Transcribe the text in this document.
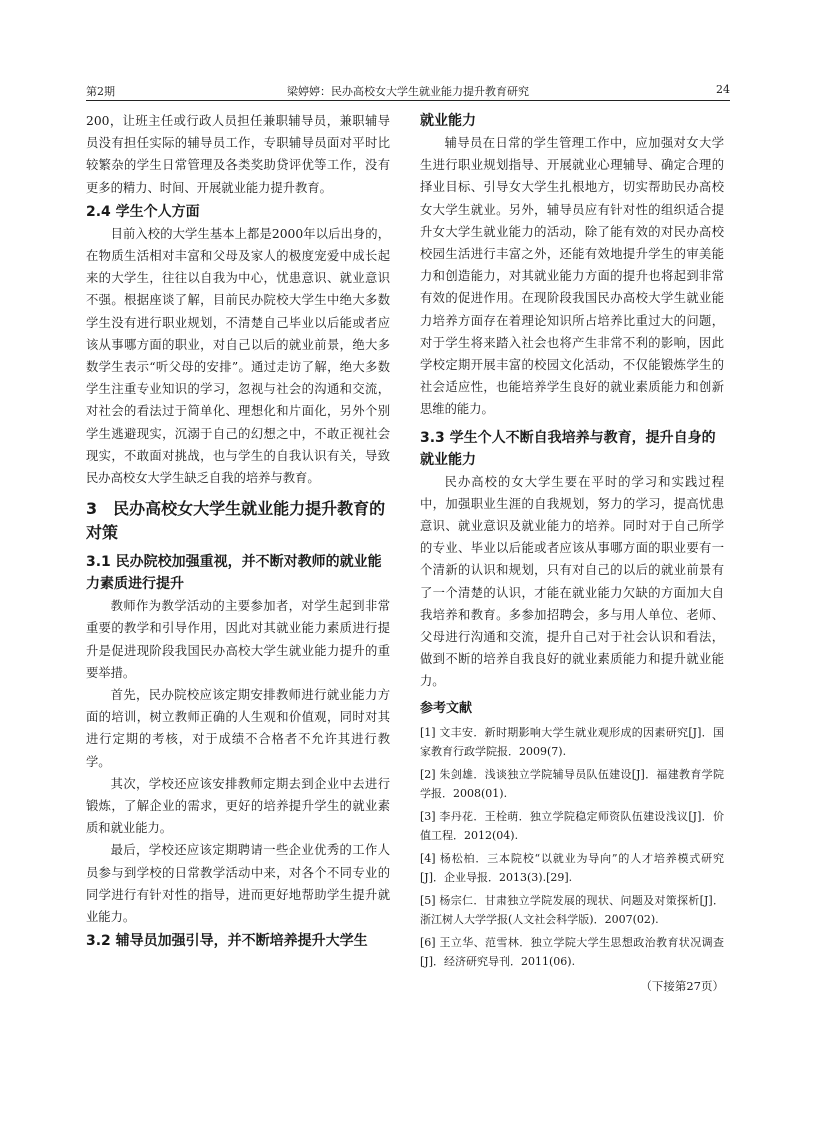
第2期	梁婷婷：民办高校女大学生就业能力提升教育研究	24

200，让班主任或行政人员担任兼职辅导员，兼职辅导员没有担任实际的辅导员工作，专职辅导员面对平时比较繁杂的学生日常管理及各类奖助贷评优等工作，没有更多的精力、时间、开展就业能力提升教育。

2.4 学生个人方面

目前入校的大学生基本上都是2000年以后出身的，在物质生活相对丰富和父母及家人的极度宠爱中成长起来的大学生，往往以自我为中心，忧患意识、就业意识不强。根据座谈了解，目前民办院校大学生中绝大多数学生没有进行职业规划，不清楚自己毕业以后能或者应该从事哪方面的职业，对自己以后的就业前景，绝大多数学生表示“听父母的安排”。通过走访了解，绝大多数学生注重专业知识的学习，忽视与社会的沟通和交流，对社会的看法过于简单化、理想化和片面化，另外个别学生逃避现实，沉溺于自己的幻想之中，不敢正视社会现实，不敢面对挑战，也与学生的自我认识有关，导致民办高校女大学生缺乏自我的培养与教育。

3　民办高校女大学生就业能力提升教育的对策
3.1 民办院校加强重视，并不断对教师的就业能力素质进行提升

教师作为教学活动的主要参加者，对学生起到非常重要的教学和引导作用，因此对其就业能力素质进行提升是促进现阶段我国民办高校大学生就业能力提升的重要举措。

首先，民办院校应该定期安排教师进行就业能力方面的培训，树立教师正确的人生观和价值观，同时对其进行定期的考核，对于成绩不合格者不允许其进行教学。

其次，学校还应该安排教师定期去到企业中去进行锻炼，了解企业的需求，更好的培养提升学生的就业素质和就业能力。

最后，学校还应该定期聘请一些企业优秀的工作人员参与到学校的日常教学活动中来，对各个不同专业的同学进行有针对性的指导，进而更好地帮助学生提升就业能力。

3.2 辅导员加强引导，并不断培养提升大学生
就业能力

辅导员在日常的学生管理工作中，应加强对女大学生进行职业规划指导、开展就业心理辅导、确定合理的择业目标、引导女大学生扎根地方，切实帮助民办高校女大学生就业。另外，辅导员应有针对性的组织适合提升女大学生就业能力的活动，除了能有效的对民办高校校园生活进行丰富之外，还能有效地提升学生的审美能力和创造能力，对其就业能力方面的提升也将起到非常有效的促进作用。在现阶段我国民办高校大学生就业能力培养方面存在着理论知识所占培养比重过大的问题，对于学生将来踏入社会也将产生非常不利的影响，因此学校定期开展丰富的校园文化活动，不仅能锻炼学生的社会适应性，也能培养学生良好的就业素质能力和创新思维的能力。

3.3 学生个人不断自我培养与教育，提升自身的就业能力

民办高校的女大学生要在平时的学习和实践过程中，加强职业生涯的自我规划，努力的学习，提高忧患意识、就业意识及就业能力的培养。同时对于自己所学的专业、毕业以后能或者应该从事哪方面的职业要有一个清新的认识和规划，只有对自己的以后的就业前景有了一个清楚的认识，才能在就业能力欠缺的方面加大自我培养和教育。多参加招聘会，多与用人单位、老师、父母进行沟通和交流，提升自己对于社会认识和看法，做到不断的培养自我良好的就业素质能力和提升就业能力。

参考文献
[1] 文丰安．新时期影响大学生就业观形成的因素研究[J]．国家教育行政学院报．2009(7).
[2] 朱剑雄．浅谈独立学院辅导员队伍建设[J]．福建教育学院学报．2008(01).
[3] 李丹花．王栓萌．独立学院稳定师资队伍建设浅议[J]．价值工程．2012(04).
[4] 杨松柏．三本院校“以就业为导向”的人才培养模式研究[J]．企业导报．2013(3).[29].
[5] 杨宗仁．甘肃独立学院发展的现状、问题及对策探析[J]．浙江树人大学学报(人文社会科学版)．2007(02).
[6] 王立华、范雪林．独立学院大学生思想政治教育状况调查[J]．经济研究导刊．2011(06).
（下接第27页）
